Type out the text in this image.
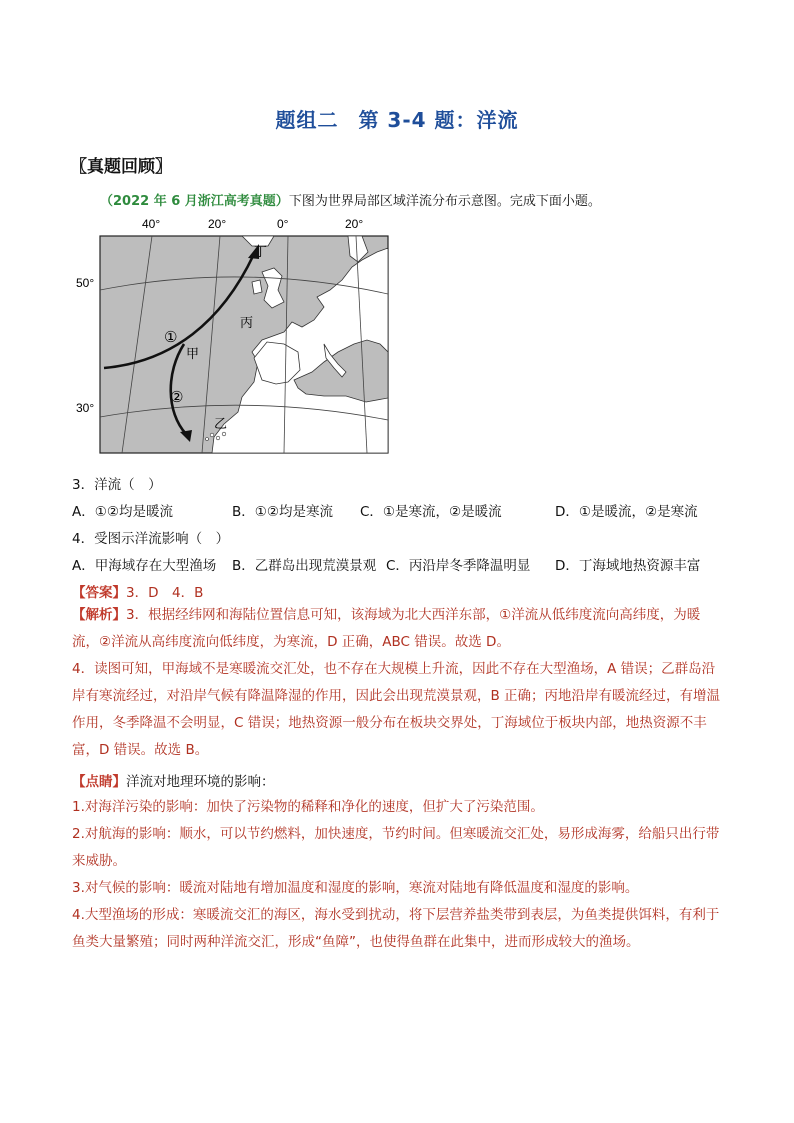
题组二 第 3-4 题：洋流
〖真题回顾〗
（2022 年 6 月浙江高考真题）下图为世界局部区域洋流分布示意图。完成下面小题。
40°	20°	0°	20°
50°
30°
丁
丙
甲
乙
①
②
3．洋流（　）
A．①②均是暖流	B．①②均是寒流 C．①是寒流，②是暖流	D．①是暖流，②是寒流
4．受图示洋流影响（　）
A．甲海域存在大型渔场 B．乙群岛出现荒漠景观 C．丙沿岸冬季降温明显 D．丁海域地热资源丰富
【答案】3．D　4．B
【解析】3．根据经纬网和海陆位置信息可知，该海域为北大西洋东部，①洋流从低纬度流向高纬度，为暖流，②洋流从高纬度流向低纬度，为寒流，D 正确，ABC 错误。故选 D。
4．读图可知，甲海域不是寒暖流交汇处，也不存在大规模上升流，因此不存在大型渔场，A 错误；乙群岛沿岸有寒流经过，对沿岸气候有降温降湿的作用，因此会出现荒漠景观，B 正确；丙地沿岸有暖流经过，有增温作用，冬季降温不会明显，C 错误；地热资源一般分布在板块交界处，丁海域位于板块内部，地热资源不丰富，D 错误。故选 B。
【点睛】洋流对地理环境的影响：
1.对海洋污染的影响：加快了污染物的稀释和净化的速度，但扩大了污染范围。
2.对航海的影响：顺水，可以节约燃料，加快速度，节约时间。但寒暖流交汇处，易形成海雾，给船只出行带来威胁。
3.对气候的影响：暖流对陆地有增加温度和湿度的影响，寒流对陆地有降低温度和湿度的影响。
4.大型渔场的形成：寒暖流交汇的海区，海水受到扰动，将下层营养盐类带到表层，为鱼类提供饵料，有利于鱼类大量繁殖；同时两种洋流交汇，形成“鱼障”，也使得鱼群在此集中，进而形成较大的渔场。
